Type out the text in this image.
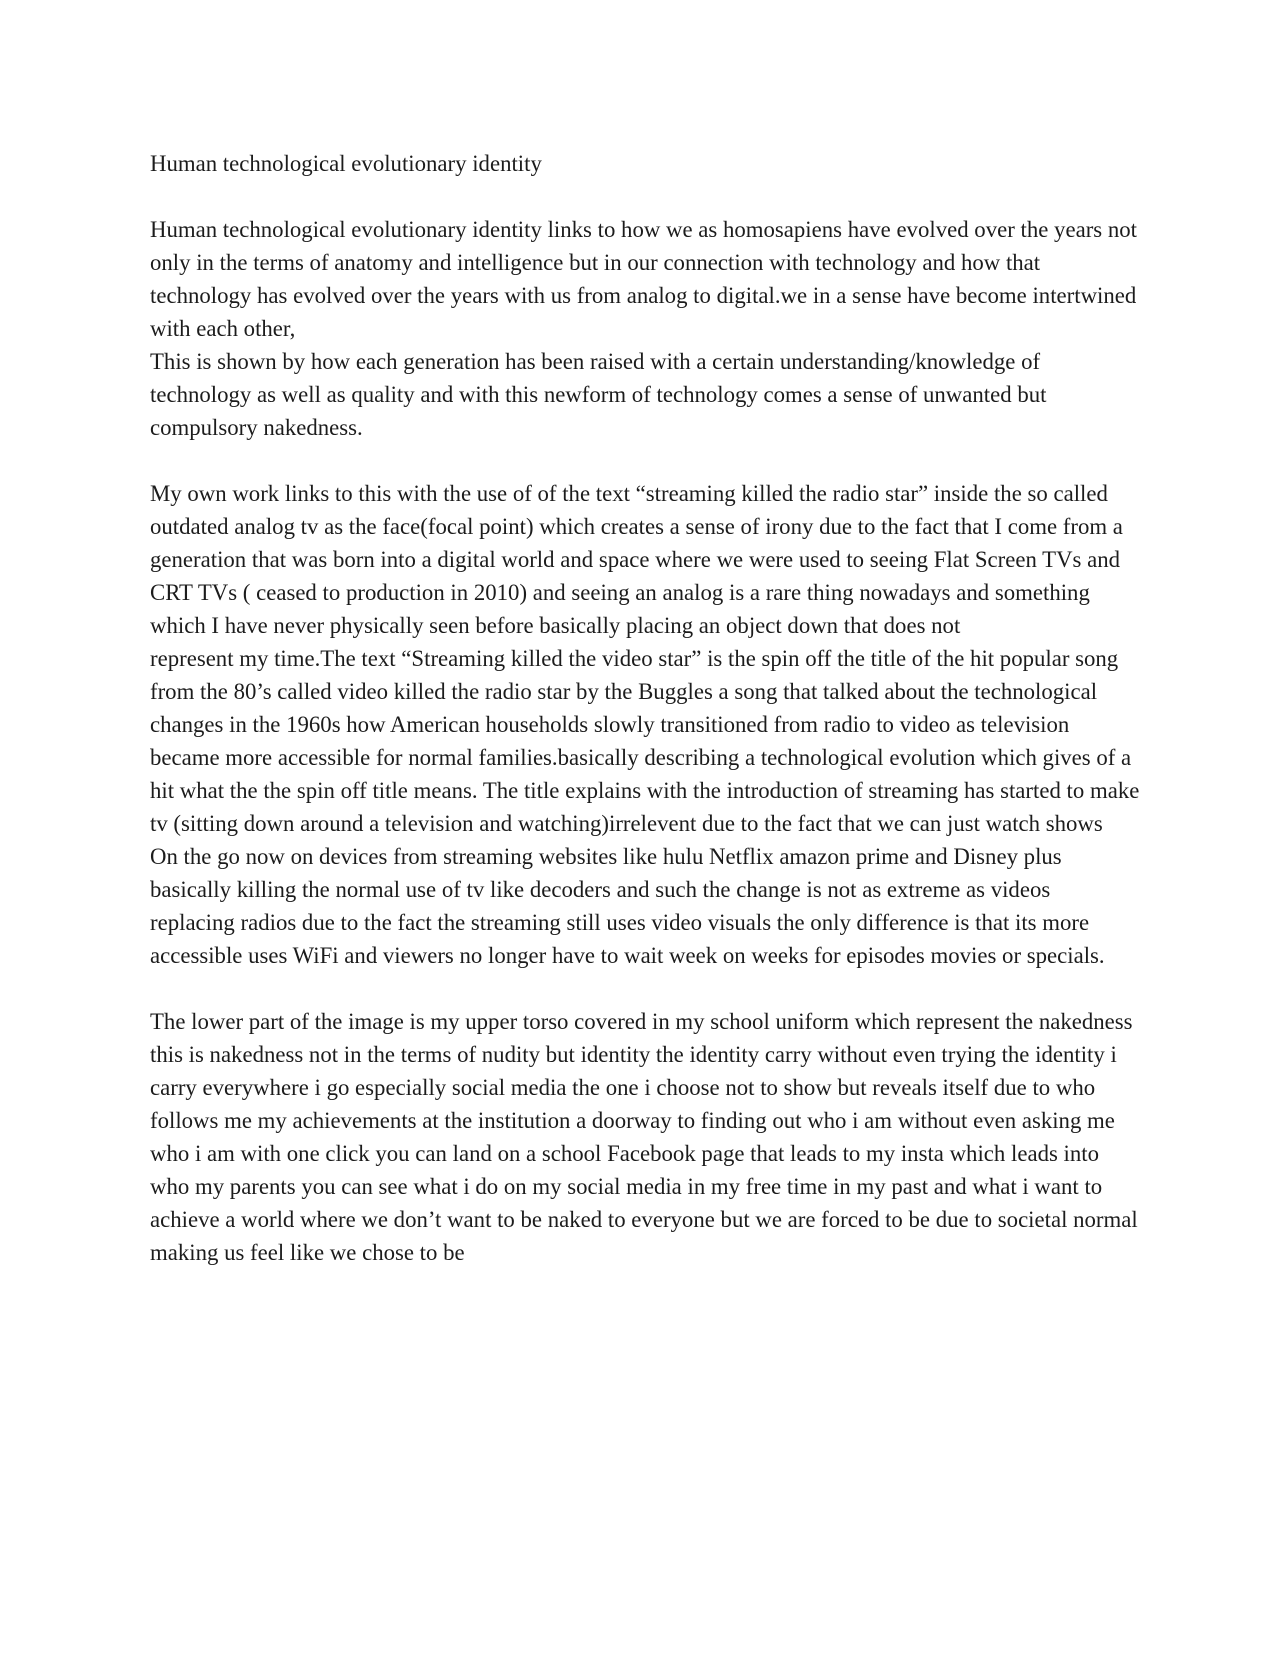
Human technological evolutionary identity

Human technological evolutionary identity links to how we as homosapiens have evolved over the years not only in the terms of anatomy and intelligence but in our connection with technology and how that technology has evolved over the years with us from analog to digital.we in a sense have become intertwined with each other,

This is shown by how each generation has been raised with a certain understanding/knowledge of technology as well as quality and with this newform of technology comes a sense of unwanted but compulsory nakedness.

My own work links to this with the use of of the text “streaming killed the radio star” inside the so called outdated analog tv as the face(focal point) which creates a sense of irony due to the fact that I come from a generation that was born into a digital world and space where we were used to seeing Flat Screen TVs and CRT TVs ( ceased to production in 2010) and seeing an analog is a rare thing nowadays and something which I have never physically seen before basically placing an object down that does not

represent my time.The text “Streaming killed the video star” is the spin off the title of the hit popular song from the 80’s called video killed the radio star by the Buggles a song that talked about the technological changes in the 1960s how American households slowly transitioned from radio to video as television became more accessible for normal families.basically describing a technological evolution which gives of a hit what the the spin off title means. The title explains with the introduction of streaming has started to make tv (sitting down around a television and watching)irrelevent due to the fact that we can just watch shows

On the go now on devices from streaming websites like hulu Netflix amazon prime and Disney plus basically killing the normal use of tv like decoders and such the change is not as extreme as videos replacing radios due to the fact the streaming still uses video visuals the only difference is that its more accessible uses WiFi and viewers no longer have to wait week on weeks for episodes movies or specials.

The lower part of the image is my upper torso covered in my school uniform which represent the nakedness this is nakedness not in the terms of nudity but identity the identity carry without even trying the identity i carry everywhere i go especially social media the one i choose not to show but reveals itself due to who follows me my achievements at the institution a doorway to finding out who i am without even asking me who i am with one click you can land on a school Facebook page that leads to my insta which leads into who my parents you can see what i do on my social media in my free time in my past and what i want to achieve a world where we don’t want to be naked to everyone but we are forced to be due to societal normal making us feel like we chose to be
